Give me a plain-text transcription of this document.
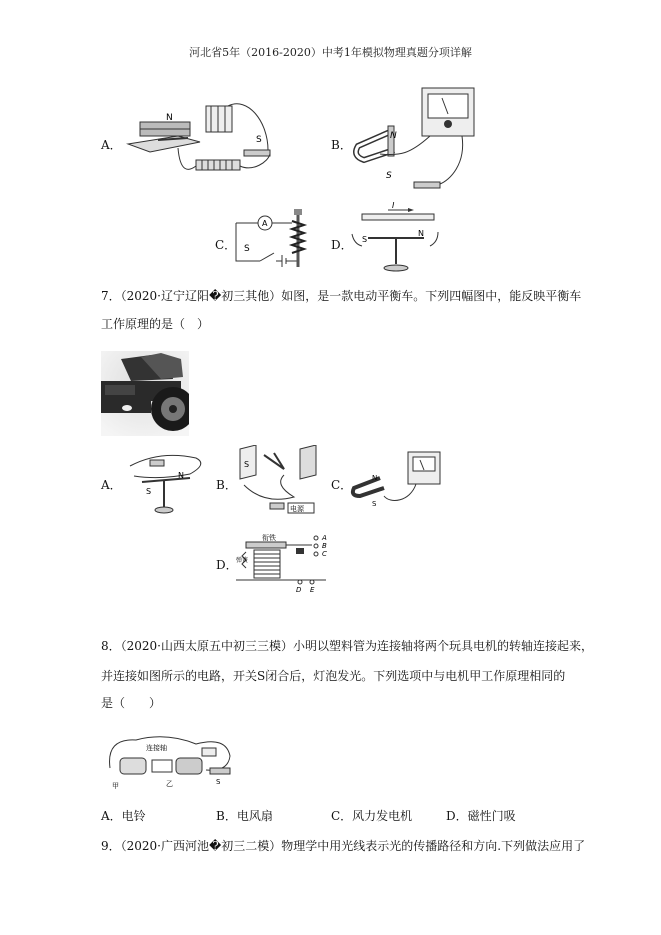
河北省5年（2016-2020）中考1年模拟物理真题分项详解
A．
N
S	B．
N
S
C．
A
S	D．
I
S
N
7．（2020·辽宁辽阳�初三其他）如图，是一款电动平衡车。下列四幅图中，能反映平衡车
工作原理的是（　）
A．	S
N
B．
S
电源
C．	N
S
D．
衔铁
弹簧
A
B
C
D E
8．（2020·山西太原五中初三三模）小明以塑料管为连接轴将两个玩具电机的转轴连接起来，
并连接如图所示的电路，开关S闭合后，灯泡发光。下列选项中与电机甲工作原理相同的
是（　　）
连接轴
甲	乙	S
A．电铃	B．电风扇	C．风力发电机	D．磁性门吸
9．（2020·广西河池�初三二模）物理学中用光线表示光的传播路径和方向.下列做法应用了
